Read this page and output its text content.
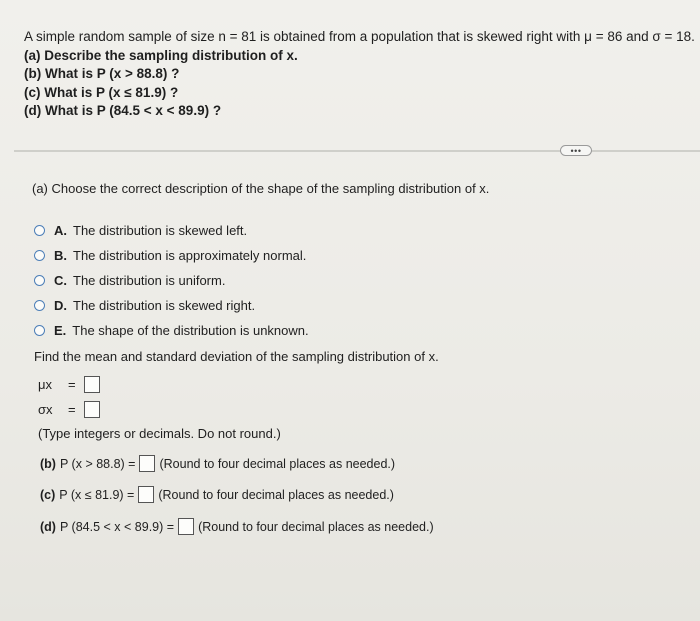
A simple random sample of size n = 81 is obtained from a population that is skewed right with μ = 86 and σ = 18.
(a) Describe the sampling distribution of x.
(b) What is P (x > 88.8) ?
(c) What is P (x ≤ 81.9) ?
(d) What is P (84.5 < x < 89.9) ?
•••
(a) Choose the correct description of the shape of the sampling distribution of x.
A. The distribution is skewed left.
B. The distribution is approximately normal.
C. The distribution is uniform.
D. The distribution is skewed right.
E. The shape of the distribution is unknown.
Find the mean and standard deviation of the sampling distribution of x.
μx	=
σx	=
(Type integers or decimals. Do not round.)
(b) P (x > 88.8) = (Round to four decimal places as needed.)
(c) P (x ≤ 81.9) = (Round to four decimal places as needed.)
(d) P (84.5 < x < 89.9) = (Round to four decimal places as needed.)
